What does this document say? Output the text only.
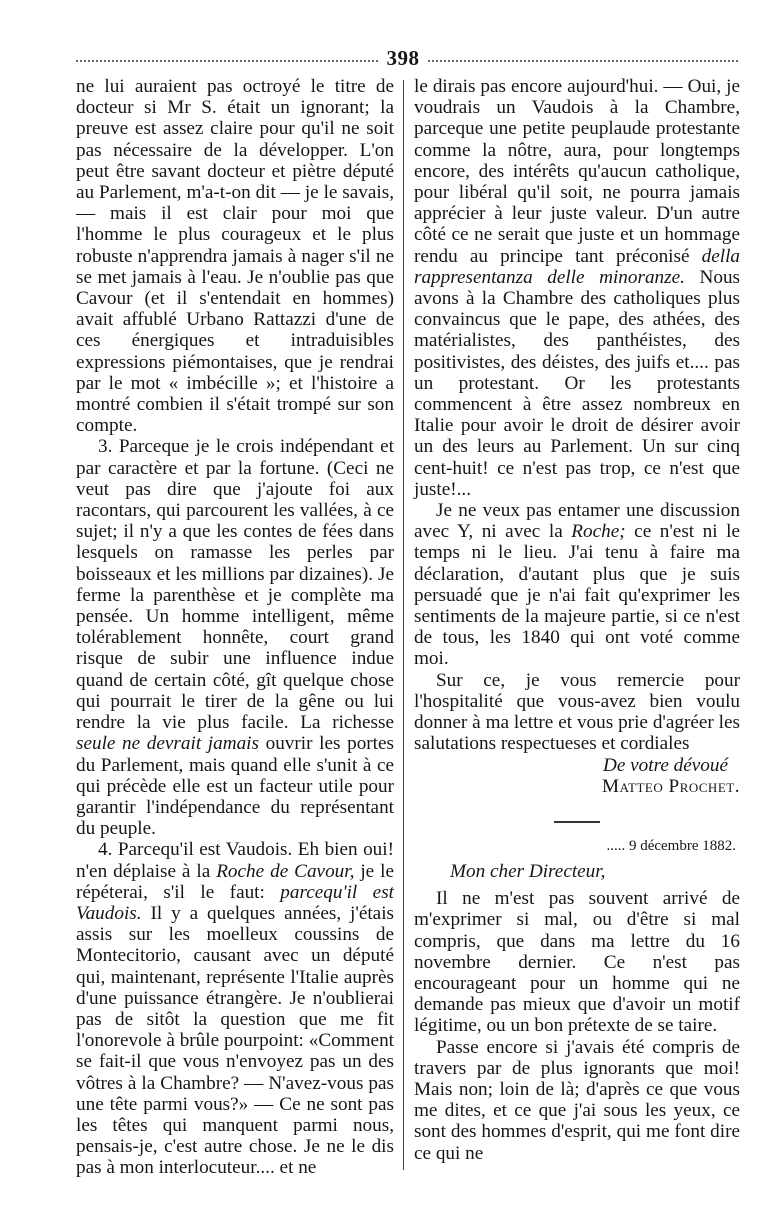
398

ne lui auraient pas octroyé le titre de docteur si Mr S. était un ignorant; la preuve est assez claire pour qu'il ne soit pas nécessaire de la développer. L'on peut être savant docteur et piètre député au Parlement, m'a-t-on dit — je le savais, — mais il est clair pour moi que l'homme le plus courageux et le plus robuste n'apprendra jamais à nager s'il ne se met jamais à l'eau. Je n'oublie pas que Cavour (et il s'entendait en hommes) avait affublé Urbano Rattazzi d'une de ces énergiques et intraduisibles expressions piémontaises, que je rendrai par le mot « imbécille »; et l'histoire a montré combien il s'était trompé sur son compte.

3. Parceque je le crois indépendant et par caractère et par la fortune. (Ceci ne veut pas dire que j'ajoute foi aux racontars, qui parcourent les vallées, à ce sujet; il n'y a que les contes de fées dans lesquels on ramasse les perles par boisseaux et les millions par dizaines). Je ferme la parenthèse et je complète ma pensée. Un homme intelligent, même tolérablement honnête, court grand risque de subir une influence indue quand de certain côté, gît quelque chose qui pourrait le tirer de la gêne ou lui rendre la vie plus facile. La richesse seule ne devrait jamais ouvrir les portes du Parlement, mais quand elle s'unit à ce qui précède elle est un facteur utile pour garantir l'indépendance du représentant du peuple.

4. Parcequ'il est Vaudois. Eh bien oui! n'en déplaise à la Roche de Cavour, je le répéterai, s'il le faut: parcequ'il est Vaudois. Il y a quelques années, j'étais assis sur les moelleux coussins de Montecitorio, causant avec un député qui, maintenant, représente l'Italie auprès d'une puissance étrangère. Je n'oublierai pas de sitôt la question que me fit l'onorevole à brûle pourpoint: «Comment se fait-il que vous n'envoyez pas un des vôtres à la Chambre? — N'avez-vous pas une tête parmi vous?» — Ce ne sont pas les têtes qui manquent parmi nous, pensais-je, c'est autre chose. Je ne le dis pas à mon interlocuteur.... et ne

le dirais pas encore aujourd'hui. — Oui, je voudrais un Vaudois à la Chambre, parceque une petite peuplaude protestante comme la nôtre, aura, pour longtemps encore, des intérêts qu'aucun catholique, pour libéral qu'il soit, ne pourra jamais apprécier à leur juste valeur. D'un autre côté ce ne serait que juste et un hommage rendu au principe tant préconisé della rappresentanza delle minoranze. Nous avons à la Chambre des catholiques plus convaincus que le pape, des athées, des matérialistes, des panthéistes, des positivistes, des déistes, des juifs et.... pas un protestant. Or les protestants commencent à être assez nombreux en Italie pour avoir le droit de désirer avoir un des leurs au Parlement. Un sur cinq cent-huit! ce n'est pas trop, ce n'est que juste!...

Je ne veux pas entamer une discussion avec Y, ni avec la Roche; ce n'est ni le temps ni le lieu. J'ai tenu à faire ma déclaration, d'autant plus que je suis persuadé que je n'ai fait qu'exprimer les sentiments de la majeure partie, si ce n'est de tous, les 1840 qui ont voté comme moi.

Sur ce, je vous remercie pour l'hospitalité que vous-avez bien voulu donner à ma lettre et vous prie d'agréer les salutations respectueses et cordiales

De votre dévoué
Matteo Prochet.
..... 9 décembre 1882.

Mon cher Directeur,

Il ne m'est pas souvent arrivé de m'exprimer si mal, ou d'être si mal compris, que dans ma lettre du 16 novembre dernier. Ce n'est pas encourageant pour un homme qui ne demande pas mieux que d'avoir un motif légitime, ou un bon prétexte de se taire.

Passe encore si j'avais été compris de travers par de plus ignorants que moi! Mais non; loin de là; d'après ce que vous me dites, et ce que j'ai sous les yeux, ce sont des hommes d'esprit, qui me font dire ce qui ne
